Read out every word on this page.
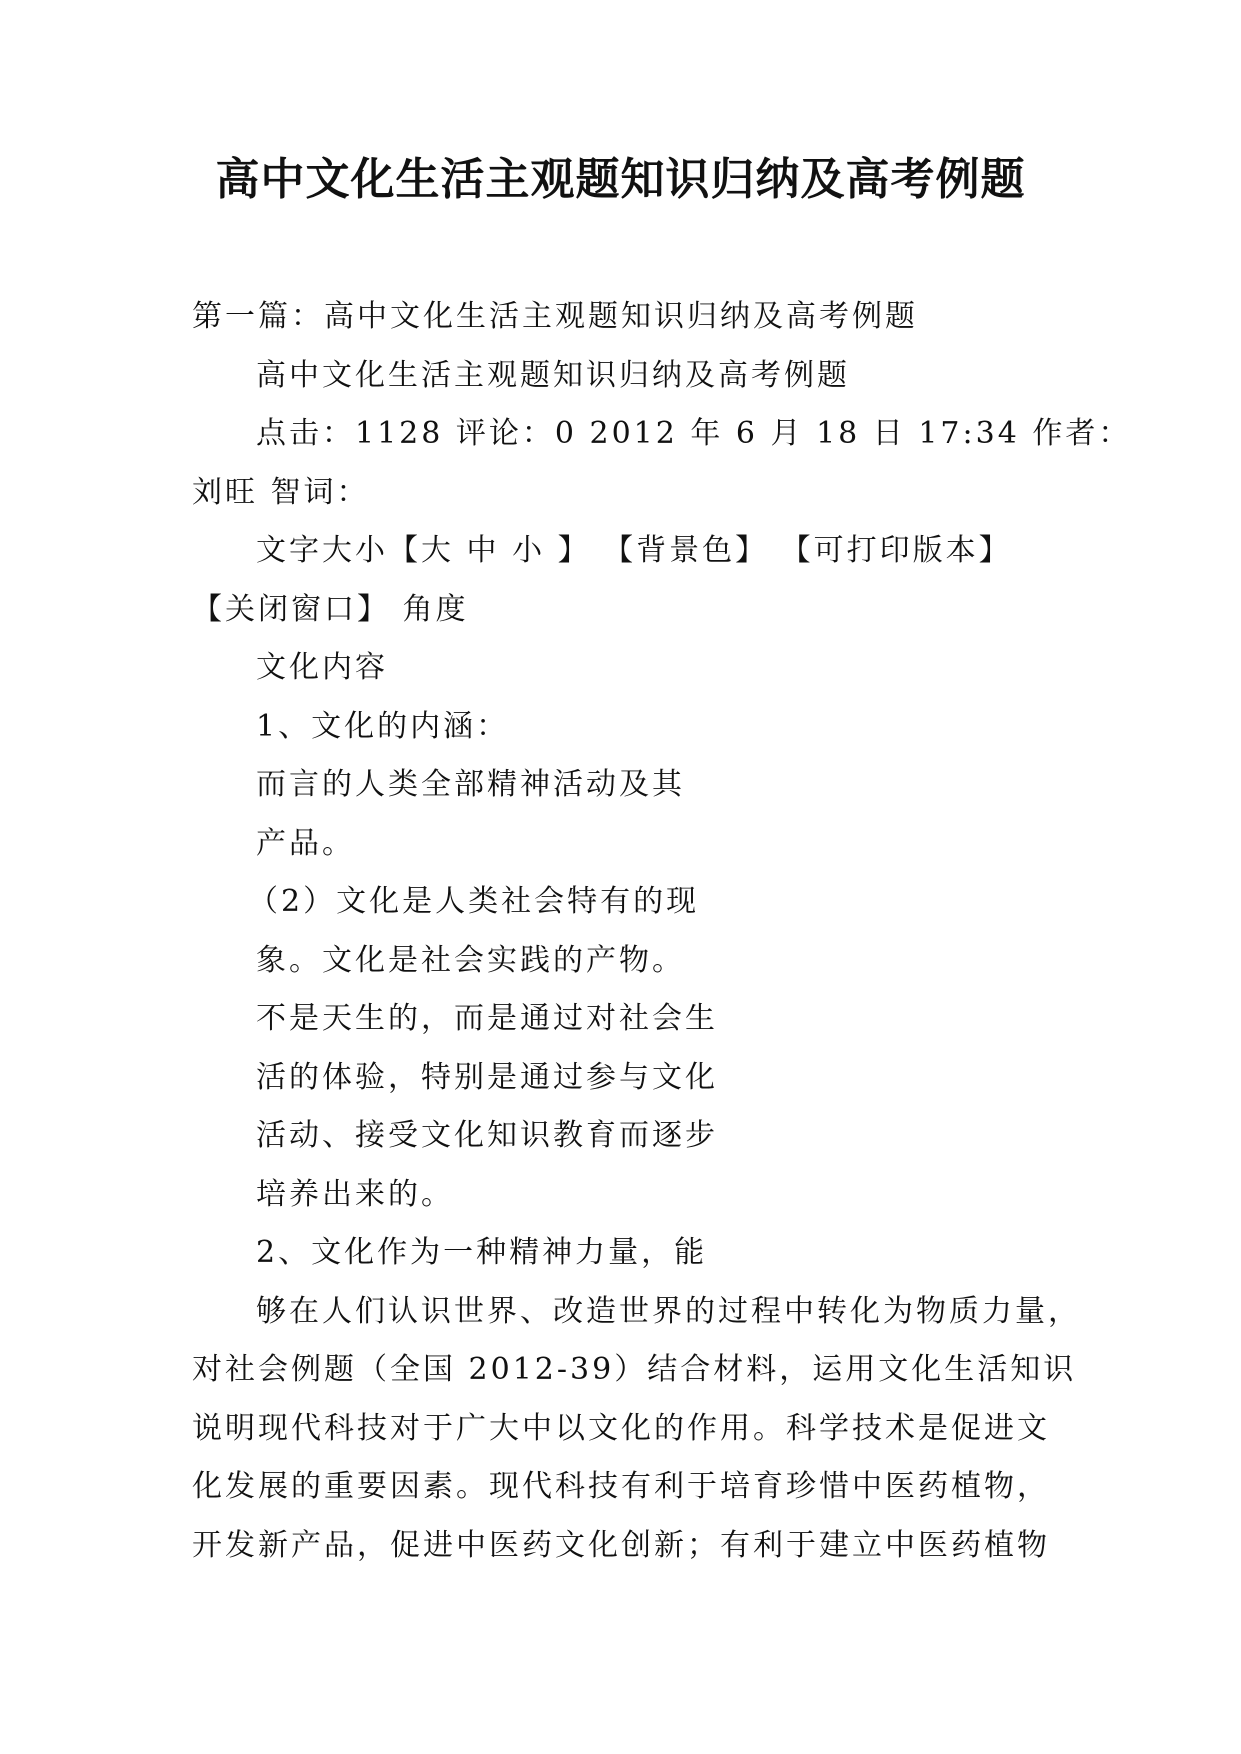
高中文化生活主观题知识归纳及高考例题

第一篇：高中文化生活主观题知识归纳及高考例题

高中文化生活主观题知识归纳及高考例题

点击：1128 评论：0 2012 年 6 月 18 日 17:34 作者：

刘旺 智词：

文字大小【大 中 小 】 【背景色】 【可打印版本】

【关闭窗口】 角度

文化内容

1、文化的内涵：

而言的人类全部精神活动及其

产品。

（2）文化是人类社会特有的现

象。文化是社会实践的产物。

不是天生的，而是通过对社会生

活的体验，特别是通过参与文化

活动、接受文化知识教育而逐步

培养出来的。

2、文化作为一种精神力量，能

够在人们认识世界、改造世界的过程中转化为物质力量，

对社会例题（全国 2012-39）结合材料，运用文化生活知识

说明现代科技对于广大中以文化的作用。科学技术是促进文

化发展的重要因素。现代科技有利于培育珍惜中医药植物，

开发新产品，促进中医药文化创新；有利于建立中医药植物
